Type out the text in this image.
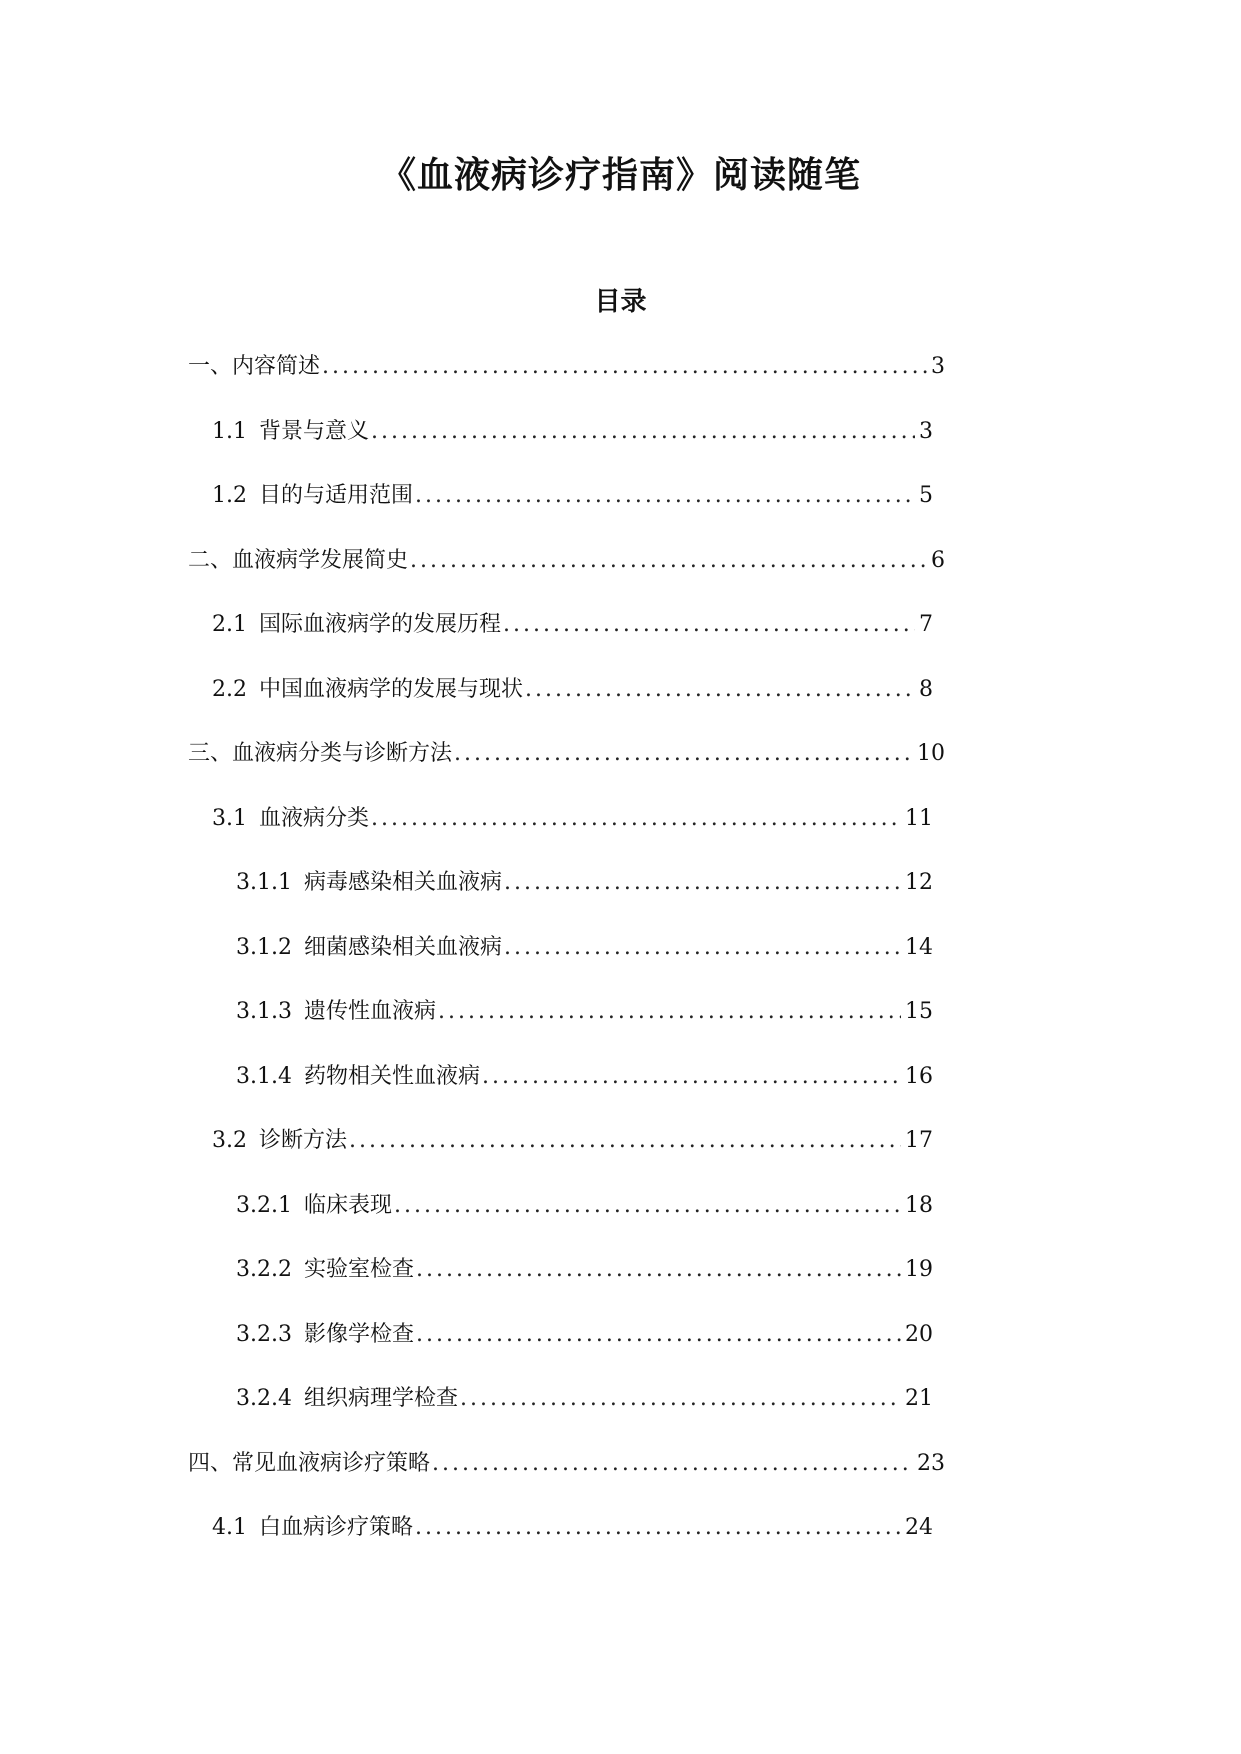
《血液病诊疗指南》阅读随笔
目录
一、 内容简述 .....	3
1.1 背景与意义 .....	3
1.2 目的与适用范围 .....	5
二、 血液病学发展简史 .....	6
2.1 国际血液病学的发展历程 .....	7
2.2 中国血液病学的发展与现状 .....	8
三、 血液病分类与诊断方法 .....	10
3.1 血液病分类 .....	11
3.1.1 病毒感染相关血液病 .....	12
3.1.2 细菌感染相关血液病 .....	14
3.1.3 遗传性血液病 .....	15
3.1.4 药物相关性血液病 .....	16
3.2 诊断方法 .....	17
3.2.1 临床表现 .....	18
3.2.2 实验室检查 .....	19
3.2.3 影像学检查 .....	20
3.2.4 组织病理学检查 .....	21
四、 常见血液病诊疗策略 .....	23
4.1 白血病诊疗策略 .....	24
